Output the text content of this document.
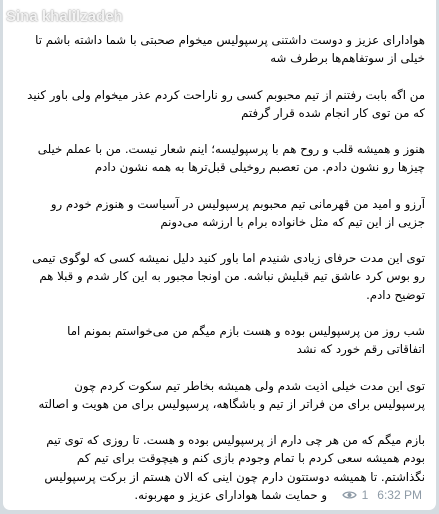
Sina khalilzadeh
هوادارای عزیز و دوست داشتنی پرسپولیس میخوام صحبتی با شما داشته باشم تا
خیلی از سوتفاهم‌ها برطرف شه
من اگه بابت رفتنم از تیم محبوبم کسی رو ناراحت کردم عذر میخوام ولی باور کنید
که من توی کار انجام شده قرار گرفتم
هنوز و همیشه قلب و روح هم با پرسپولیسه؛ اینم شعار نیست. من با عملم خیلی
چیزها رو نشون دادم. من تعصبم روخیلی قبل‌ترها به همه نشون دادم
آرزو و امید من قهرمانی تیم محبوبم پرسپولیس در آسیاست و هنوزم خودم رو
جزیی از این تیم که مثل خانواده برام با ارزشه می‌دونم
توی این مدت حرفای زیادی شنیدم اما باور کنید دلیل نمیشه کسی که لوگوی تیمی
رو بوس کرد عاشق تیم قبلیش نباشه. من اونجا مجبور به این کار شدم و قبلا هم
توضیح دادم.
شب روز من پرسپولیس بوده و هست بازم میگم من می‌خواستم بمونم اما
اتفاقاتی رقم خورد که نشد
توی این مدت خیلی اذیت شدم ولی همیشه بخاطر تیم سکوت کردم چون
پرسپولیس برای من فراتر از تیم و باشگاهه، پرسپولیس برای من هویت و اصالته
بازم میگم که من هر چی دارم از پرسپولیس بوده و هست. تا روزی که توی تیم
بودم همیشه سعی کردم با تمام وجودم بازی کنم و هیچوقت برای تیم کم
نگذاشتم. تا همیشه دوستتون دارم چون اینی که الان هستم از برکت پرسپولیس
و حمایت شما هوادارای عزیز و مهربونه.	1 6:32 PM
